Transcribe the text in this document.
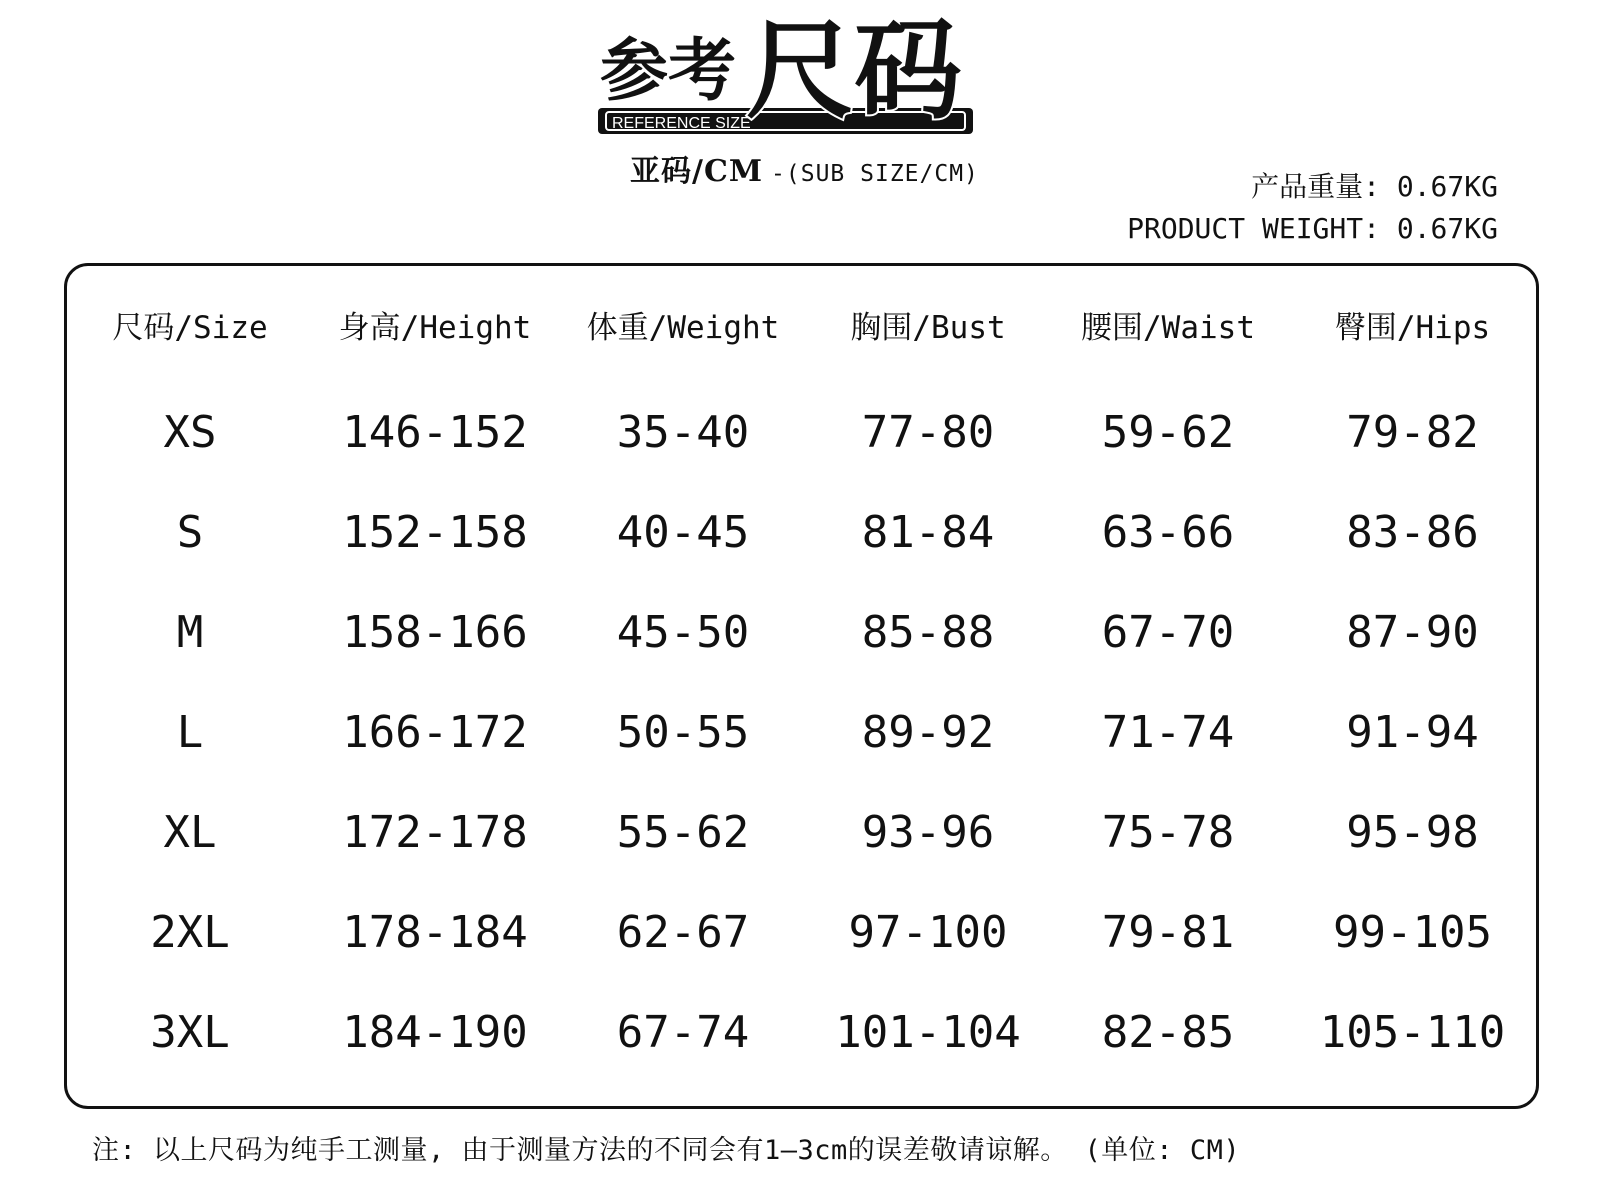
参考 尺码
REFERENCE SIZE
亚码/CM -(SUB SIZE/CM)	产品重量: 0.67KG
PRODUCT WEIGHT: 0.67KG
尺码/Size	身高/Height	体重/Weight	胸围/Bust	腰围/Waist	臀围/Hips
XS	146-152	35-40	77-80	59-62	79-82
S	152-158	40-45	81-84	63-66	83-86
M	158-166	45-50	85-88	67-70	87-90
L	166-172	50-55	89-92	71-74	91-94
XL	172-178	55-62	93-96	75-78	95-98
2XL	178-184	62-67	97-100	79-81	99-105
3XL	184-190	67-74	101-104	82-85	105-110
注: 以上尺码为纯手工测量, 由于测量方法的不同会有1—3cm的误差敬请谅解。 (单位: CM)
